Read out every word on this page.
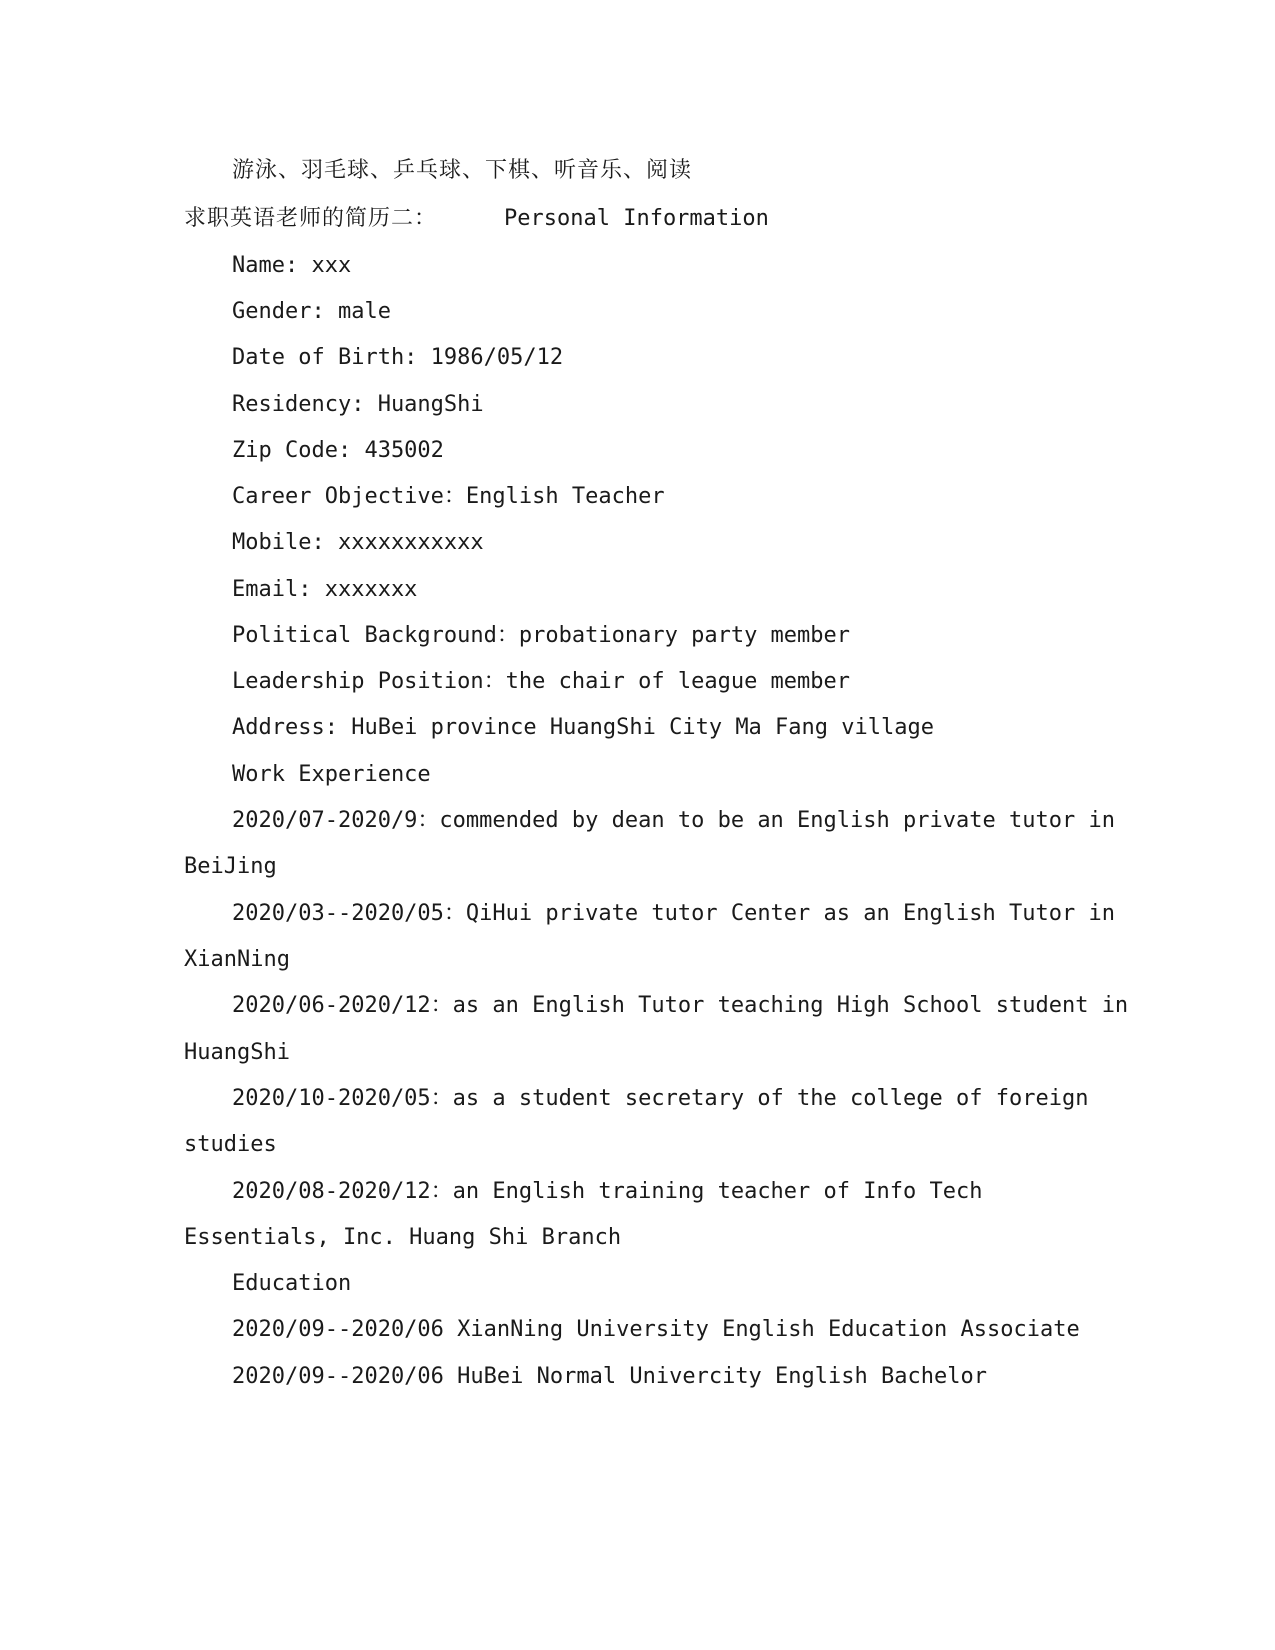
游泳、羽毛球、乒乓球、下棋、听音乐、阅读
求职英语老师的简历二：	Personal Information
Name: xxx
Gender: male
Date of Birth: 1986/05/12
Residency: HuangShi
Zip Code: 435002
Career Objective：English Teacher
Mobile: xxxxxxxxxxx
Email: xxxxxxx
Political Background：probationary party member
Leadership Position：the chair of league member
Address: HuBei province HuangShi City Ma Fang village
Work Experience
2020/07-2020/9：commended by dean to be an English private tutor in
BeiJing
2020/03--2020/05：QiHui private tutor Center as an English Tutor in
XianNing
2020/06-2020/12：as an English Tutor teaching High School student in
HuangShi
2020/10-2020/05：as a student secretary of the college of foreign
studies
2020/08-2020/12：an English training teacher of Info Tech
Essentials, Inc. Huang Shi Branch
Education
2020/09--2020/06 XianNing University English Education Associate
2020/09--2020/06 HuBei Normal Univercity English Bachelor
